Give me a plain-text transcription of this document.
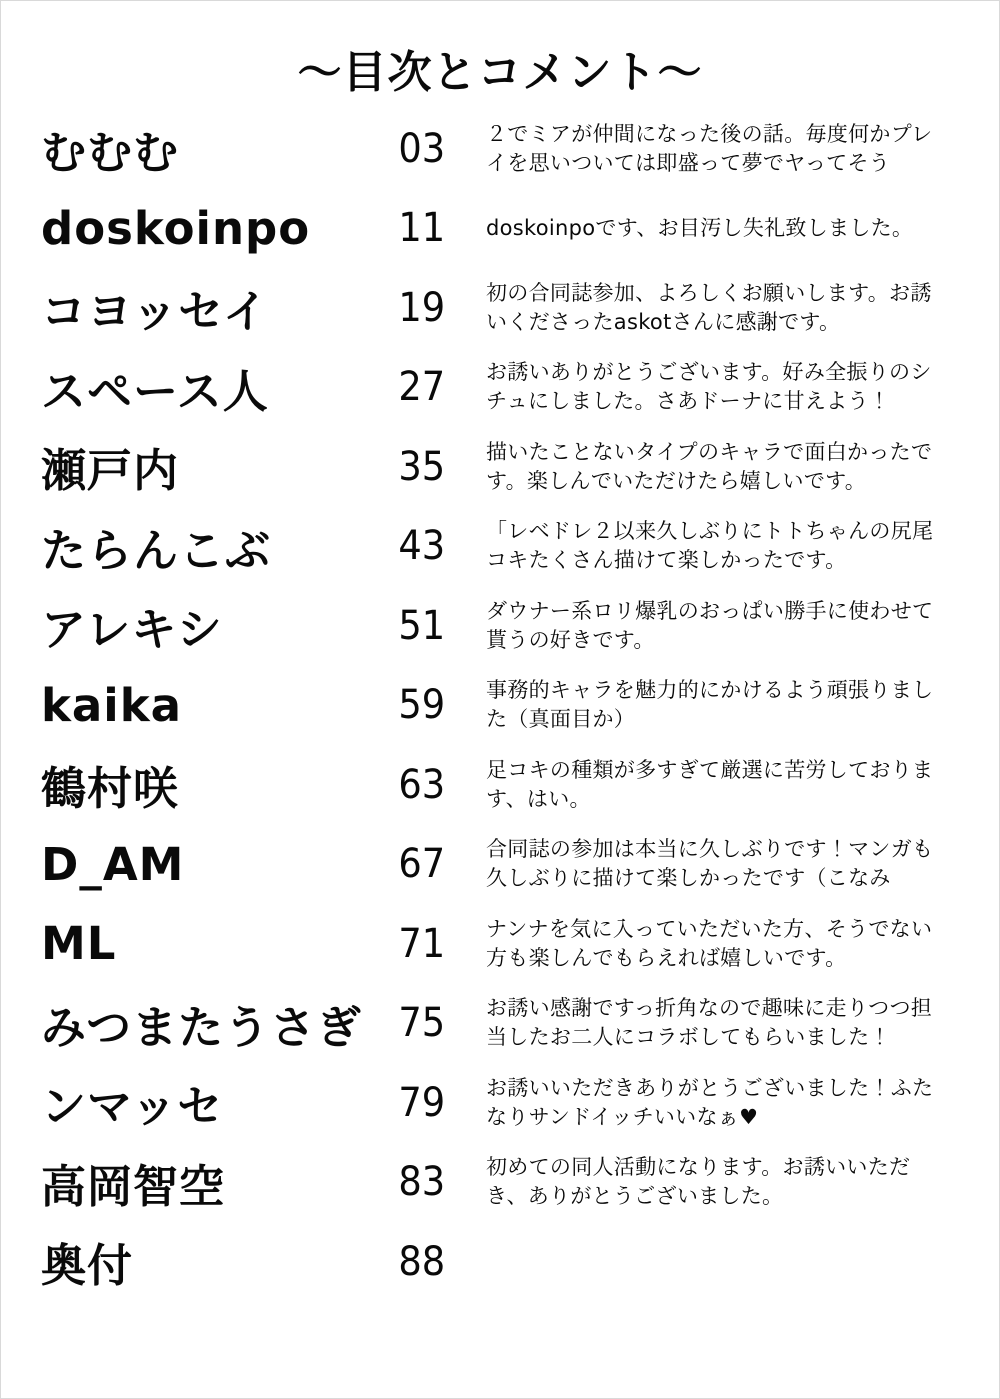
～目次とコメント～
むむむ	03	２でミアが仲間になった後の話。毎度何かプレイを思いついては即盛って夢でヤってそう
doskoinpo	11	doskoinpoです、お目汚し失礼致しました。
コヨッセイ	19	初の合同誌参加、よろしくお願いします。お誘いくださったaskotさんに感謝です。
スペース人	27	お誘いありがとうございます。好み全振りのシチュにしました。さあドーナに甘えよう！
瀬戸内	35	描いたことないタイプのキャラで面白かったです。楽しんでいただけたら嬉しいです。
たらんこぶ	43	「レベドレ２以来久しぶりにトトちゃんの尻尾コキたくさん描けて楽しかったです。
アレキシ	51	ダウナー系ロリ爆乳のおっぱい勝手に使わせて貰うの好きです。
kaika	59	事務的キャラを魅力的にかけるよう頑張りました（真面目か）
鶴村咲	63	足コキの種類が多すぎて厳選に苦労しております、はい。
D_AM	67	合同誌の参加は本当に久しぶりです！マンガも久しぶりに描けて楽しかったです（こなみ
ML	71	ナンナを気に入っていただいた方、そうでない方も楽しんでもらえれば嬉しいです。
みつまたうさぎ 75	お誘い感謝ですっ折角なので趣味に走りつつ担当したお二人にコラボしてもらいました！
ンマッセ	79	お誘いいただきありがとうございました！ふたなりサンドイッチいいなぁ♥
高岡智空	83	初めての同人活動になります。お誘いいただき、ありがとうございました。
奥付	88
